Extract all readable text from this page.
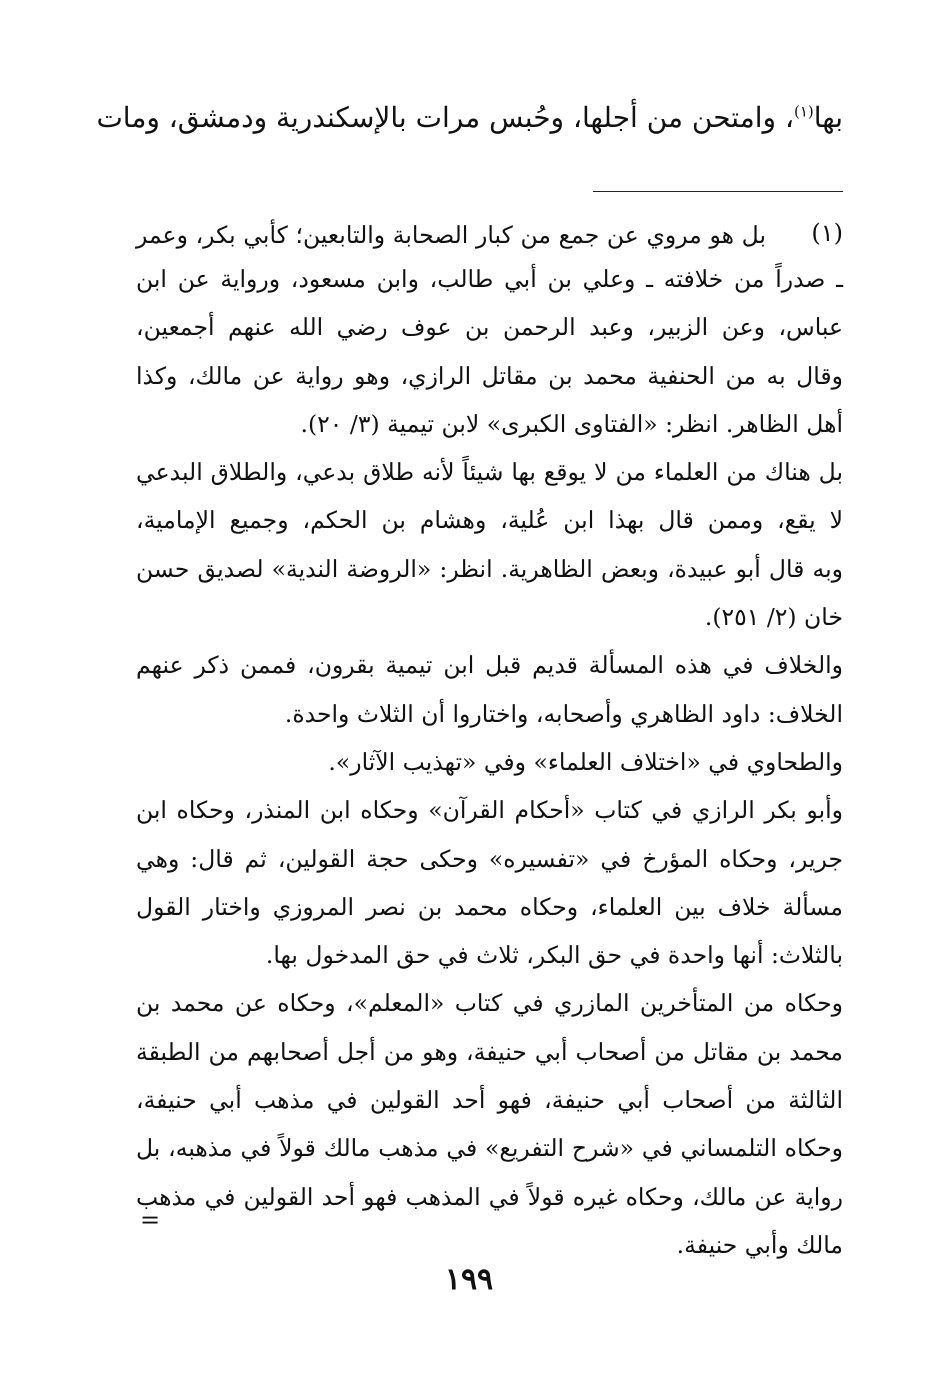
بها$^{(١)}$، وامتحن من أجلها، وحُبس مرات بالإسكندرية ودمشق، ومات
(١)
بل هو مروي عن جمع من كبار الصحابة والتابعين؛ كأبي بكر، وعمر
ـ صدراً من خلافته ـ وعلي بن أبي طالب، وابن مسعود، ورواية عن ابن
عباس، وعن الزبير، وعبد الرحمن بن عوف رضي الله عنهم أجمعين،
وقال به من الحنفية محمد بن مقاتل الرازي، وهو رواية عن مالك، وكذا
أهل الظاهر. انظر: «الفتاوى الكبرى» لابن تيمية (٣/ ٢٠).
بل هناك من العلماء من لا يوقع بها شيئاً لأنه طلاق بدعي، والطلاق البدعي
لا يقع، وممن قال بهذا ابن عُلية، وهشام بن الحكم، وجميع الإمامية،
وبه قال أبو عبيدة، وبعض الظاهرية. انظر: «الروضة الندية» لصديق حسن
خان (٢/ ٢٥١).
والخلاف في هذه المسألة قديم قبل ابن تيمية بقرون، فممن ذكر عنهم
الخلاف: داود الظاهري وأصحابه، واختاروا أن الثلاث واحدة.
والطحاوي في «اختلاف العلماء» وفي «تهذيب الآثار».
وأبو بكر الرازي في كتاب «أحكام القرآن» وحكاه ابن المنذر، وحكاه ابن
جرير، وحكاه المؤرخ في «تفسيره» وحكى حجة القولين، ثم قال: وهي
مسألة خلاف بين العلماء، وحكاه محمد بن نصر المروزي واختار القول
بالثلاث: أنها واحدة في حق البكر، ثلاث في حق المدخول بها.
وحكاه من المتأخرين المازري في كتاب «المعلم»، وحكاه عن محمد بن
محمد بن مقاتل من أصحاب أبي حنيفة، وهو من أجل أصحابهم من الطبقة
الثالثة من أصحاب أبي حنيفة، فهو أحد القولين في مذهب أبي حنيفة،
وحكاه التلمساني في «شرح التفريع» في مذهب مالك قولاً في مذهبه، بل
رواية عن مالك، وحكاه غيره قولاً في المذهب فهو أحد القولين في مذهب
مالك وأبي حنيفة.
=
١٩٩
